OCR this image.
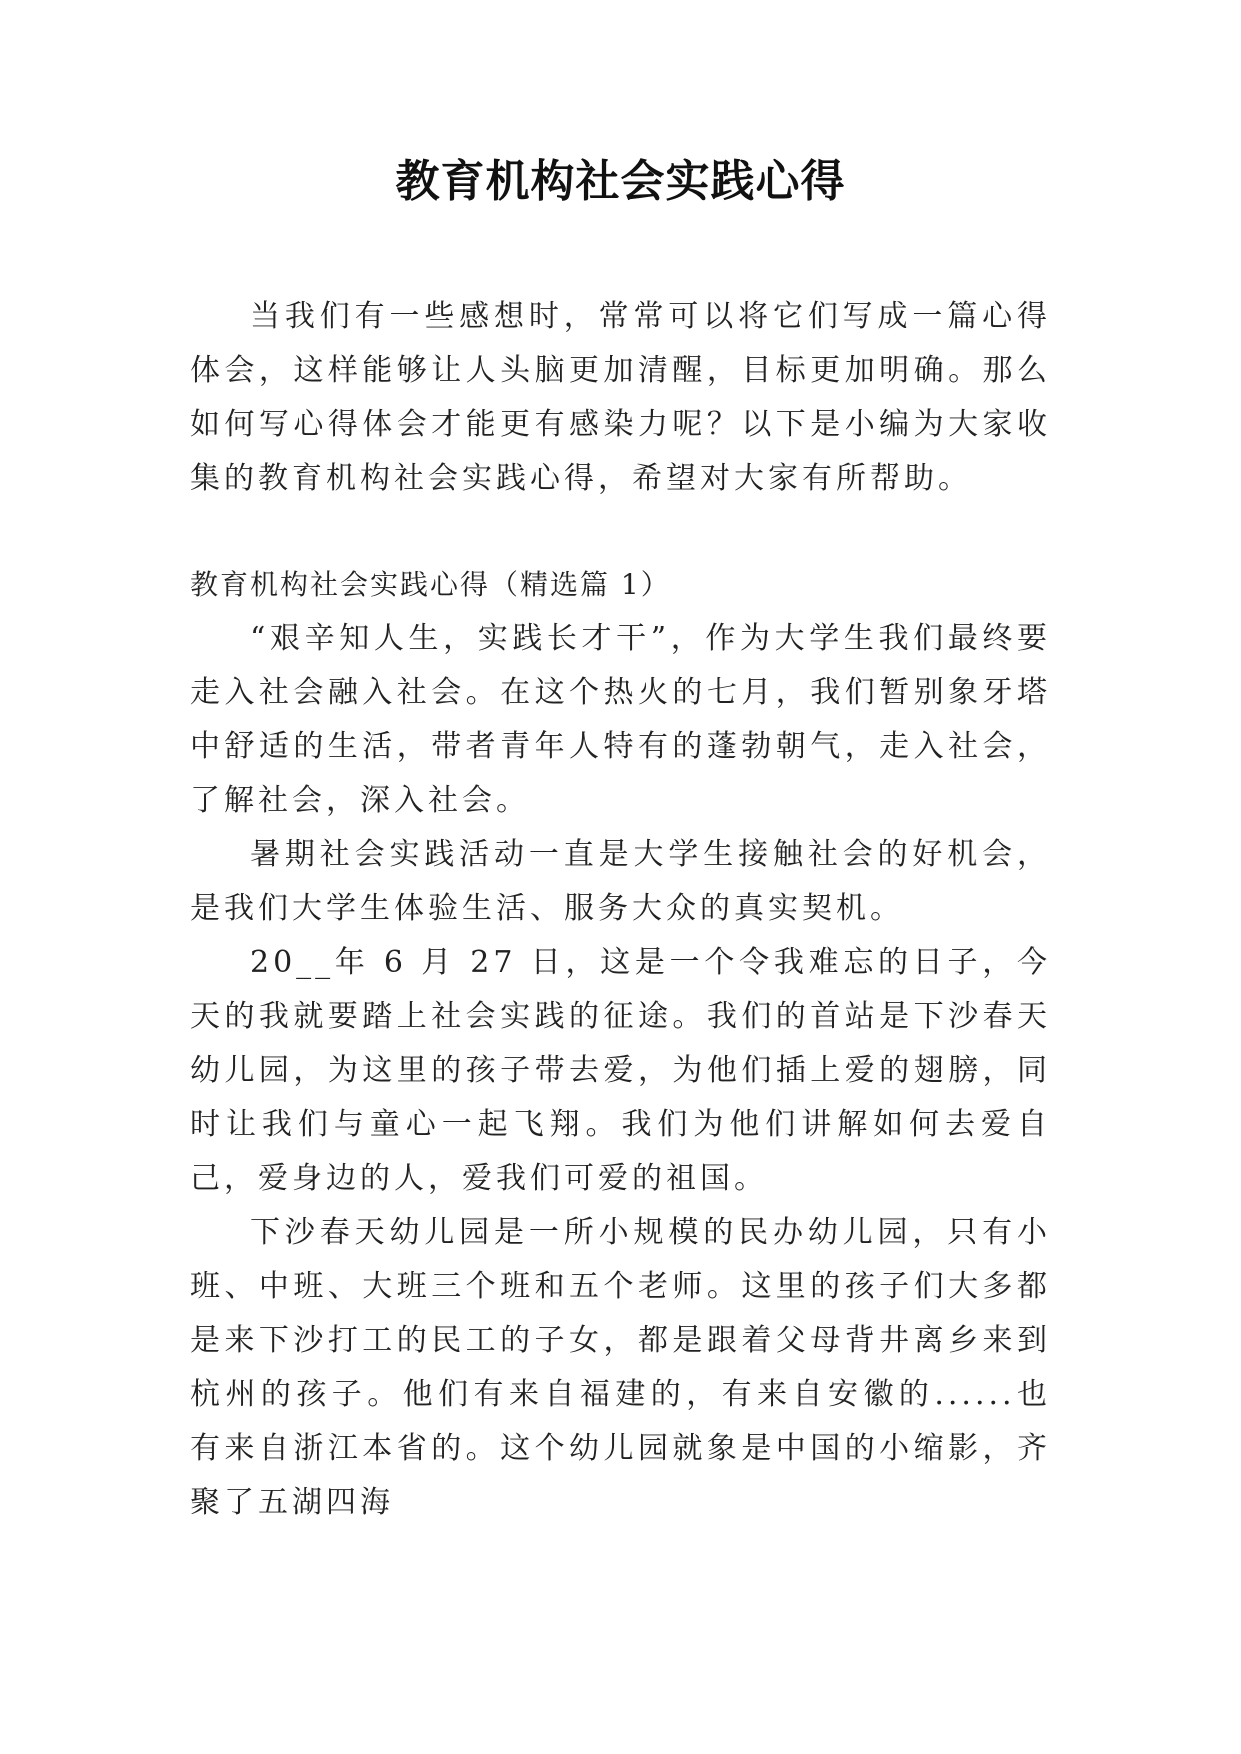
教育机构社会实践心得

当我们有一些感想时，常常可以将它们写成一篇心得体会，这样能够让人头脑更加清醒，目标更加明确。那么如何写心得体会才能更有感染力呢？以下是小编为大家收集的教育机构社会实践心得，希望对大家有所帮助。

教育机构社会实践心得（精选篇 1）

“艰辛知人生，实践长才干”，作为大学生我们最终要走入社会融入社会。在这个热火的七月，我们暂别象牙塔中舒适的生活，带者青年人特有的蓬勃朝气，走入社会，了解社会，深入社会。

暑期社会实践活动一直是大学生接触社会的好机会，是我们大学生体验生活、服务大众的真实契机。

20__年 6 月 27 日，这是一个令我难忘的日子，今天的我就要踏上社会实践的征途。我们的首站是下沙春天幼儿园，为这里的孩子带去爱，为他们插上爱的翅膀，同时让我们与童心一起飞翔。我们为他们讲解如何去爱自己，爱身边的人，爱我们可爱的祖国。

下沙春天幼儿园是一所小规模的民办幼儿园，只有小班、中班、大班三个班和五个老师。这里的孩子们大多都是来下沙打工的民工的子女，都是跟着父母背井离乡来到杭州的孩子。他们有来自福建的，有来自安徽的......也有来自浙江本省的。这个幼儿园就象是中国的小缩影，齐聚了五湖四海
